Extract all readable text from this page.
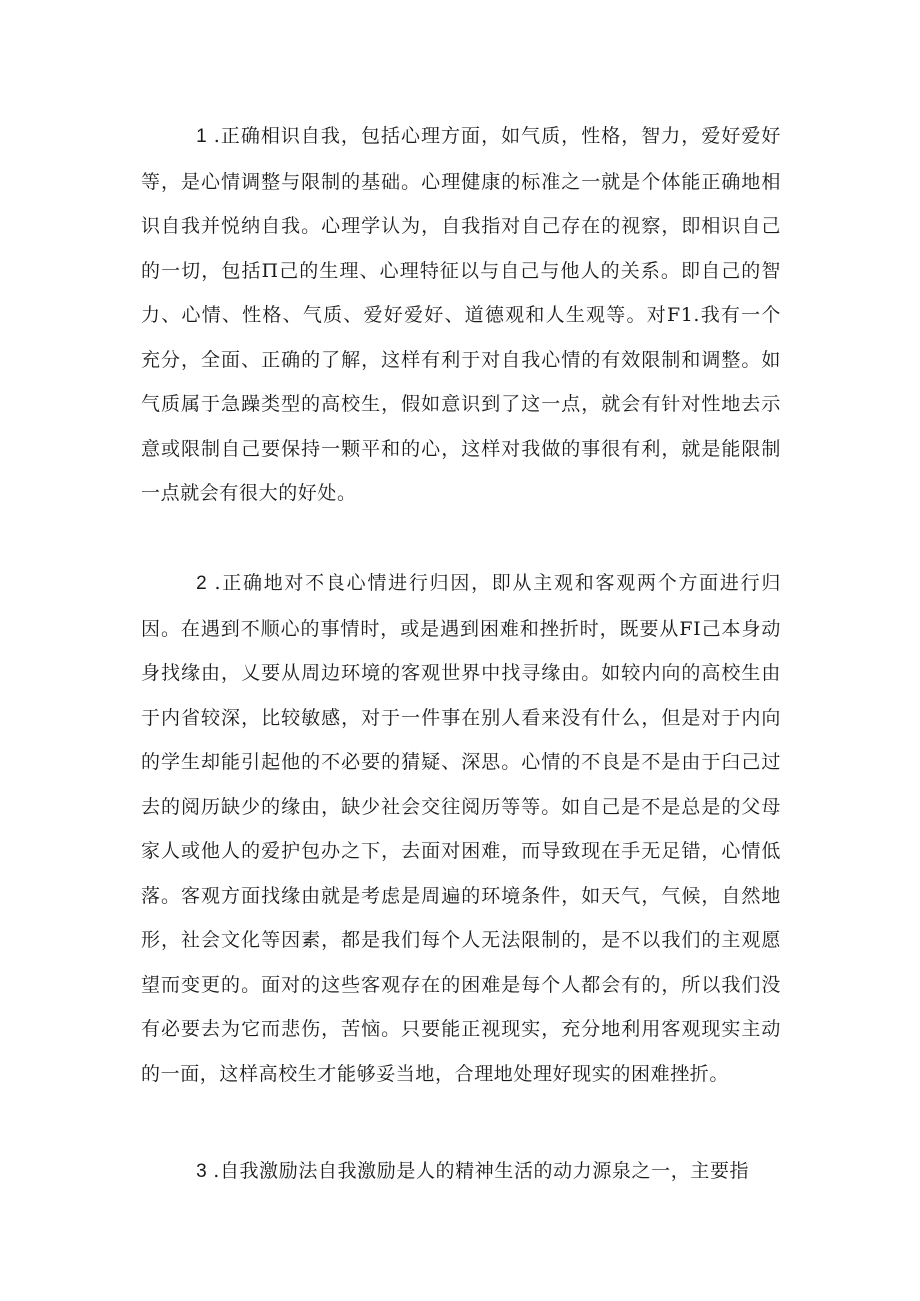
1 .正确相识自我，包括心理方面，如气质，性格，智力，爱好爱好等，是心情调整与限制的基础。心理健康的标准之一就是个体能正确地相识自我并悦纳自我。心理学认为，自我指对自己存在的视察，即相识自己的一切，包括Π己的生理、心理特征以与自己与他人的关系。即自己的智力、心情、性格、气质、爱好爱好、道德观和人生观等。对F1.我有一个充分，全面、正确的了解，这样有利于对自我心情的有效限制和调整。如气质属于急躁类型的高校生，假如意识到了这一点，就会有针对性地去示意或限制自己要保持一颗平和的心，这样对我做的事很有利，就是能限制一点就会有很大的好处。

2 .正确地对不良心情进行归因，即从主观和客观两个方面进行归因。在遇到不顺心的事情时，或是遇到困难和挫折时，既要从FI己本身动身找缘由，乂要从周边环境的客观世界中找寻缘由。如较内向的高校生由于内省较深，比较敏感，对于一件事在别人看来没有什么，但是对于内向的学生却能引起他的不必要的猜疑、深思。心情的不良是不是由于臼己过去的阅历缺少的缘由，缺少社会交往阅历等等。如自己是不是总是的父母家人或他人的爱护包办之下，去面对困难，而导致现在手无足错，心情低落。客观方面找缘由就是考虑是周遍的环境条件，如天气，气候，自然地形，社会文化等因素，都是我们每个人无法限制的，是不以我们的主观愿望而变更的。面对的这些客观存在的困难是每个人都会有的，所以我们没有必要去为它而悲伤，苦恼。只要能正视现实，充分地利用客观现实主动的一面，这样高校生才能够妥当地，合理地处理好现实的困难挫折。

3 .自我激励法自我激励是人的精神生活的动力源泉之一，主要指
